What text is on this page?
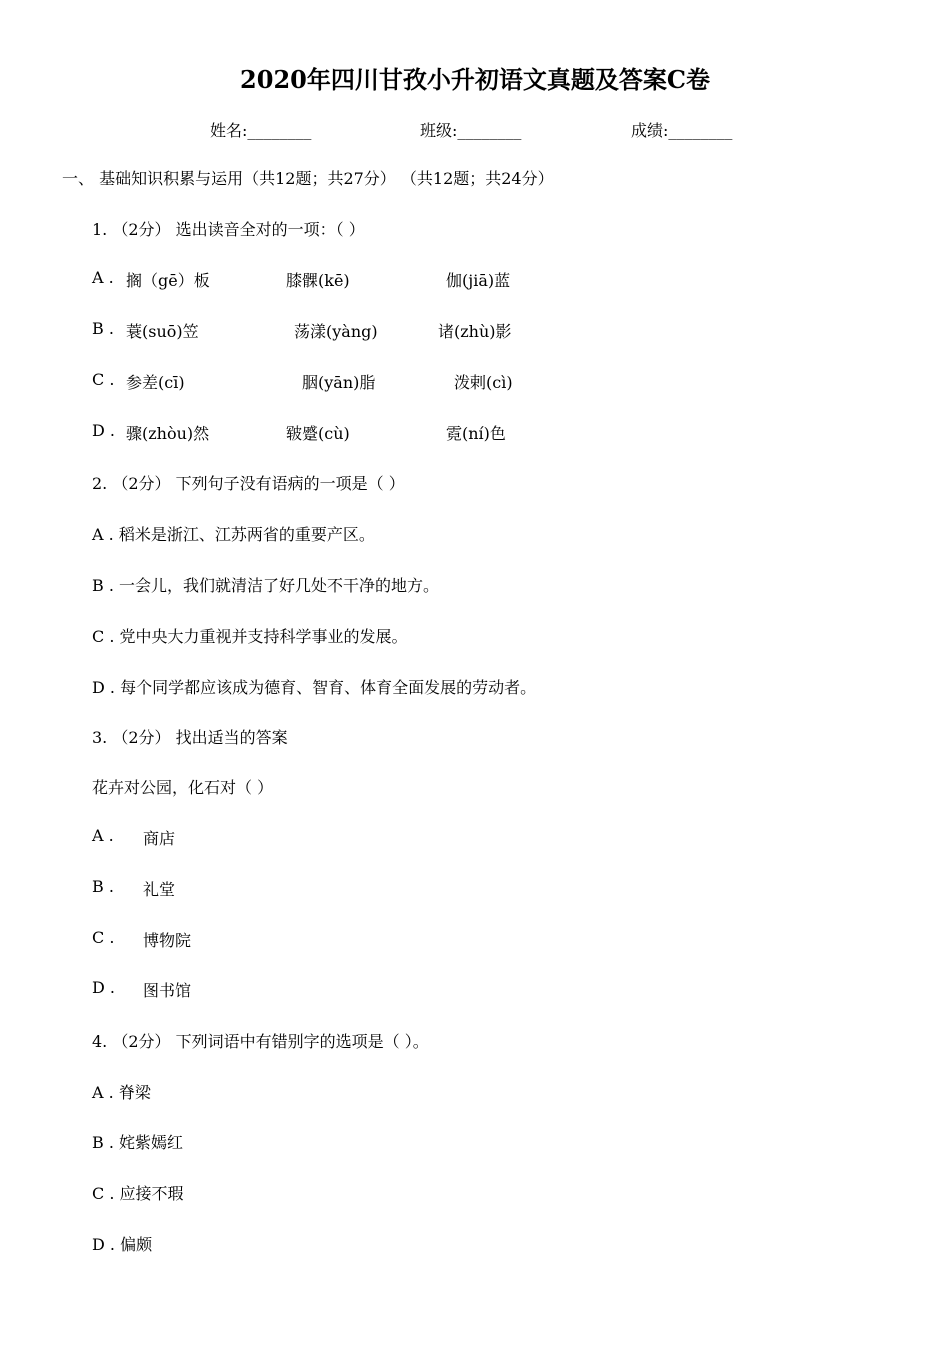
2020年四川甘孜小升初语文真题及答案C卷
姓名:________	班级:________	成绩:________
一、 基础知识积累与运用（共12题；共27分） （共12题；共24分）
1. （2分） 选出读音全对的一项：（ ）
A . 搁（gē）板	膝髁(kē)	伽(jiā)蓝
B . 蓑(suō)笠	荡漾(yàng)	诸(zhù)影
C . 参差(cī)	胭(yān)脂	泼剌(cì)
D . 骤(zhòu)然	皲蹙(cù)	霓(ní)色
2. （2分） 下列句子没有语病的一项是（ ）
A . 稻米是浙江、江苏两省的重要产区。
B . 一会儿，我们就清洁了好几处不干净的地方。
C . 党中央大力重视并支持科学事业的发展。
D . 每个同学都应该成为德育、智育、体育全面发展的劳动者。
3. （2分） 找出适当的答案
花卉对公园，化石对（ ）
A . 商店
B . 礼堂
C . 博物院
D . 图书馆
4. （2分） 下列词语中有错别字的选项是（ ）。
A . 脊梁
B . 姹紫嫣红
C . 应接不瑕
D . 偏颇
